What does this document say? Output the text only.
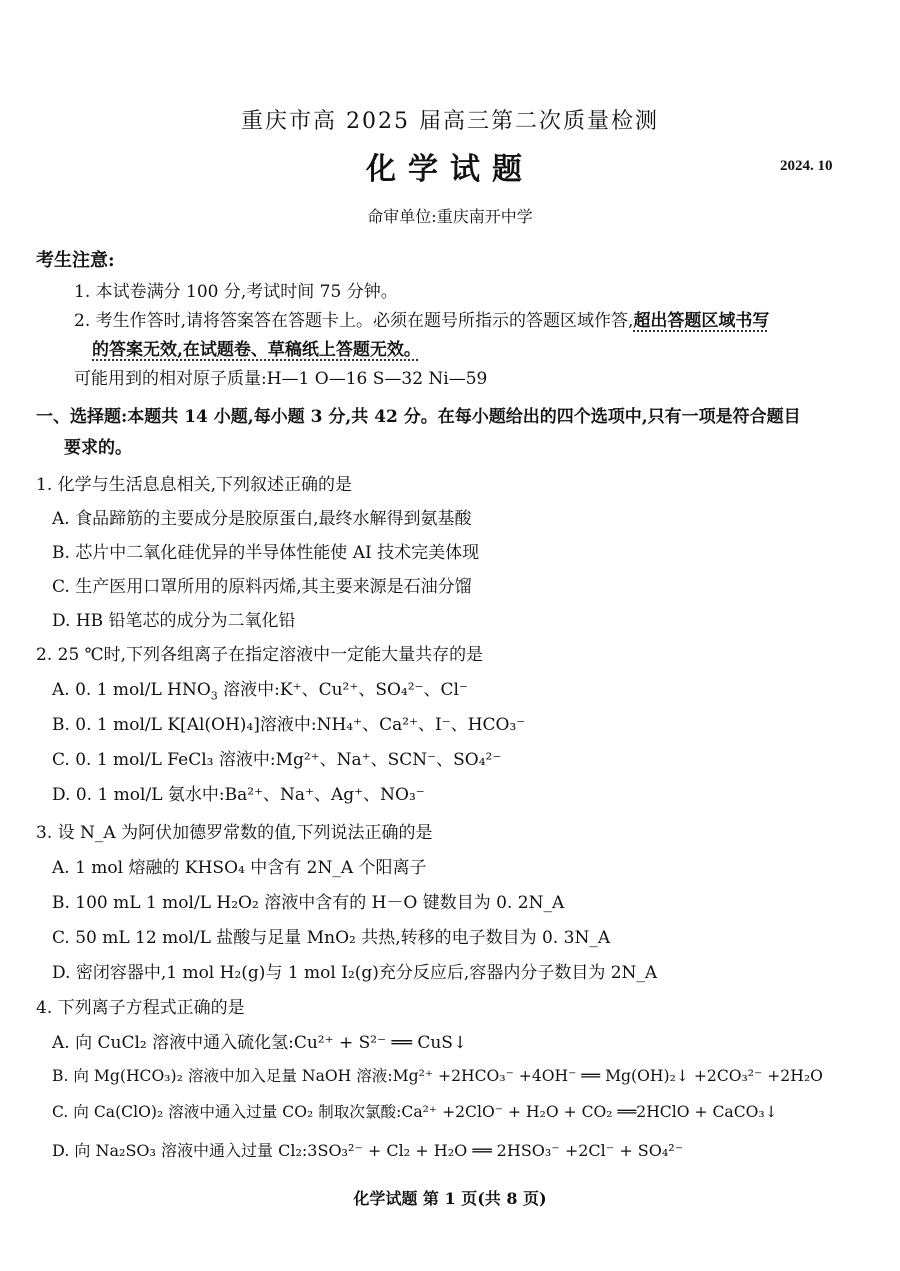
重庆市高 2025 届高三第二次质量检测
化学试题	2024. 10
命审单位:重庆南开中学
考生注意:
1. 本试卷满分 100 分,考试时间 75 分钟。
2. 考生作答时,请将答案答在答题卡上。必须在题号所指示的答题区域作答,超出答题区域书写
的答案无效,在试题卷、草稿纸上答题无效。
可能用到的相对原子质量:H—1 O—16 S—32 Ni—59
一、选择题:本题共 14 小题,每小题 3 分,共 42 分。在每小题给出的四个选项中,只有一项是符合题目
要求的。
1. 化学与生活息息相关,下列叙述正确的是
A. 食品蹄筋的主要成分是胶原蛋白,最终水解得到氨基酸
B. 芯片中二氧化硅优异的半导体性能使 AI 技术完美体现
C. 生产医用口罩所用的原料丙烯,其主要来源是石油分馏
D. HB 铅笔芯的成分为二氧化铅
2. 25 ℃时,下列各组离子在指定溶液中一定能大量共存的是
A. 0. 1 mol/L $HNO_3$ 溶液中:K⁺、Cu²⁺、SO₄²⁻、Cl⁻
B. 0. 1 mol/L K[Al(OH)₄]溶液中:NH₄⁺、Ca²⁺、I⁻、HCO₃⁻
C. 0. 1 mol/L FeCl₃ 溶液中:Mg²⁺、Na⁺、SCN⁻、SO₄²⁻
D. 0. 1 mol/L 氨水中:Ba²⁺、Na⁺、Ag⁺、NO₃⁻
3. 设 N_A 为阿伏加德罗常数的值,下列说法正确的是
A. 1 mol 熔融的 KHSO₄ 中含有 2N_A 个阳离子
B. 100 mL 1 mol/L H₂O₂ 溶液中含有的 H－O 键数目为 0. 2N_A
C. 50 mL 12 mol/L 盐酸与足量 MnO₂ 共热,转移的电子数目为 0. 3N_A
D. 密闭容器中,1 mol H₂(g)与 1 mol I₂(g)充分反应后,容器内分子数目为 2N_A
4. 下列离子方程式正确的是
A. 向 CuCl₂ 溶液中通入硫化氢:Cu²⁺ + S²⁻ ══ CuS↓
B. 向 Mg(HCO₃)₂ 溶液中加入足量 NaOH 溶液:Mg²⁺ +2HCO₃⁻ +4OH⁻ ══ Mg(OH)₂↓ +2CO₃²⁻ +2H₂O
C. 向 Ca(ClO)₂ 溶液中通入过量 CO₂ 制取次氯酸:Ca²⁺ +2ClO⁻ + H₂O + CO₂ ══2HClO + CaCO₃↓
D. 向 Na₂SO₃ 溶液中通入过量 Cl₂:3SO₃²⁻ + Cl₂ + H₂O ══ 2HSO₃⁻ +2Cl⁻ + SO₄²⁻
化学试题 第 1 页(共 8 页)
